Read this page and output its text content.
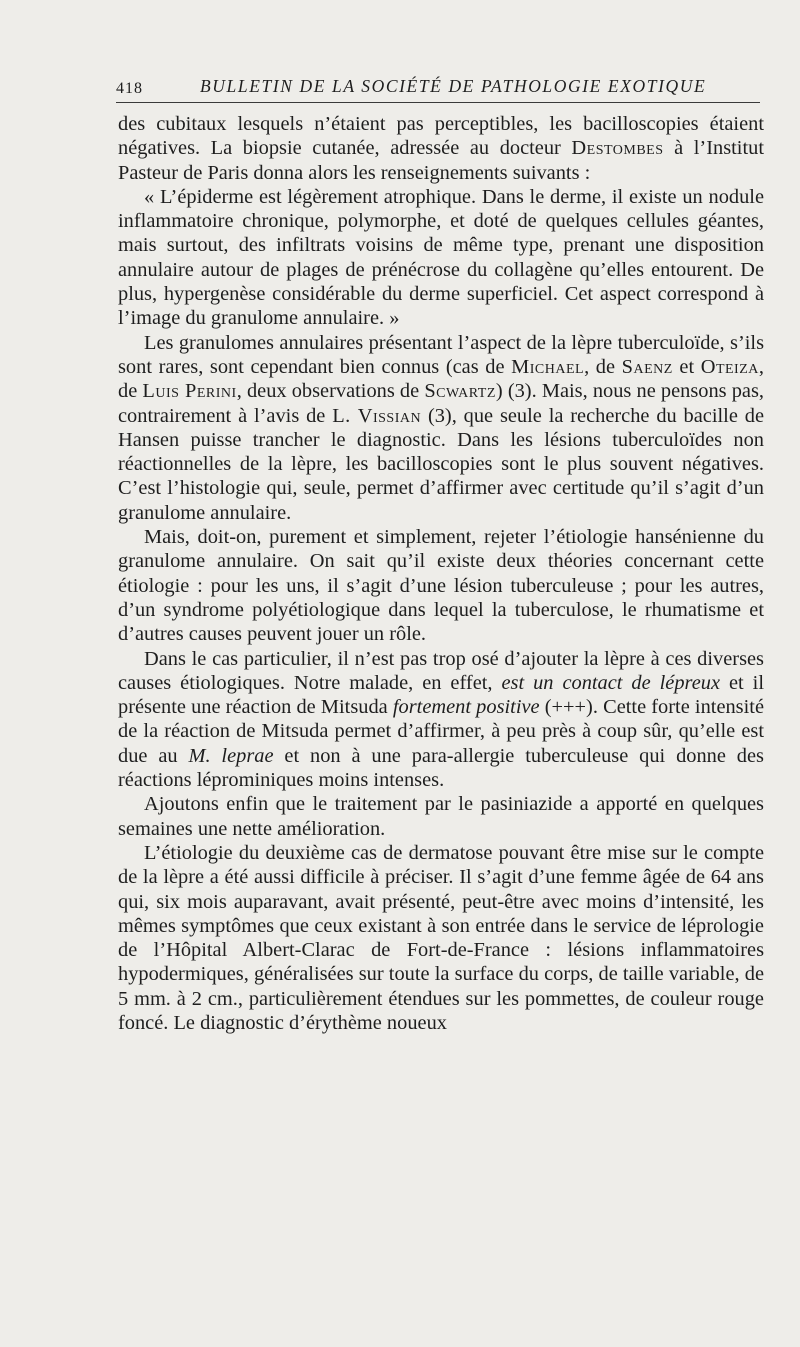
418	BULLETIN DE LA SOCIÉTÉ DE PATHOLOGIE EXOTIQUE

des cubitaux lesquels n’étaient pas perceptibles, les bacilloscopies étaient négatives. La biopsie cutanée, adressée au docteur Destombes à l’Institut Pasteur de Paris donna alors les renseignements suivants :

« L’épiderme est légèrement atrophique. Dans le derme, il existe un nodule inflammatoire chronique, polymorphe, et doté de quelques cellules géantes, mais surtout, des infiltrats voisins de même type, prenant une disposition annulaire autour de plages de prénécrose du collagène qu’elles entourent. De plus, hypergenèse considérable du derme superficiel. Cet aspect correspond à l’image du granulome annulaire. »

Les granulomes annulaires présentant l’aspect de la lèpre tuberculoïde, s’ils sont rares, sont cependant bien connus (cas de Michael, de Saenz et Oteiza, de Luis Perini, deux observations de Scwartz) (3). Mais, nous ne pensons pas, contrairement à l’avis de L. Vissian (3), que seule la recherche du bacille de Hansen puisse trancher le diagnostic. Dans les lésions tuberculoïdes non réactionnelles de la lèpre, les bacilloscopies sont le plus souvent négatives. C’est l’histologie qui, seule, permet d’affirmer avec certitude qu’il s’agit d’un granulome annulaire.

Mais, doit-on, purement et simplement, rejeter l’étiologie hansénienne du granulome annulaire. On sait qu’il existe deux théories concernant cette étiologie : pour les uns, il s’agit d’une lésion tuberculeuse ; pour les autres, d’un syndrome polyétiologique dans lequel la tuberculose, le rhumatisme et d’autres causes peuvent jouer un rôle.

Dans le cas particulier, il n’est pas trop osé d’ajouter la lèpre à ces diverses causes étiologiques. Notre malade, en effet, est un contact de lépreux et il présente une réaction de Mitsuda fortement positive (+++). Cette forte intensité de la réaction de Mitsuda permet d’affirmer, à peu près à coup sûr, qu’elle est due au M. leprae et non à une para-allergie tuberculeuse qui donne des réactions léprominiques moins intenses.

Ajoutons enfin que le traitement par le pasiniazide a apporté en quelques semaines une nette amélioration.

L’étiologie du deuxième cas de dermatose pouvant être mise sur le compte de la lèpre a été aussi difficile à préciser. Il s’agit d’une femme âgée de 64 ans qui, six mois auparavant, avait présenté, peut-être avec moins d’intensité, les mêmes symptômes que ceux existant à son entrée dans le service de léprologie de l’Hôpital Albert-Clarac de Fort-de-France : lésions inflammatoires hypodermiques, généralisées sur toute la surface du corps, de taille variable, de 5 mm. à 2 cm., particulièrement étendues sur les pommettes, de couleur rouge foncé. Le diagnostic d’érythème noueux
